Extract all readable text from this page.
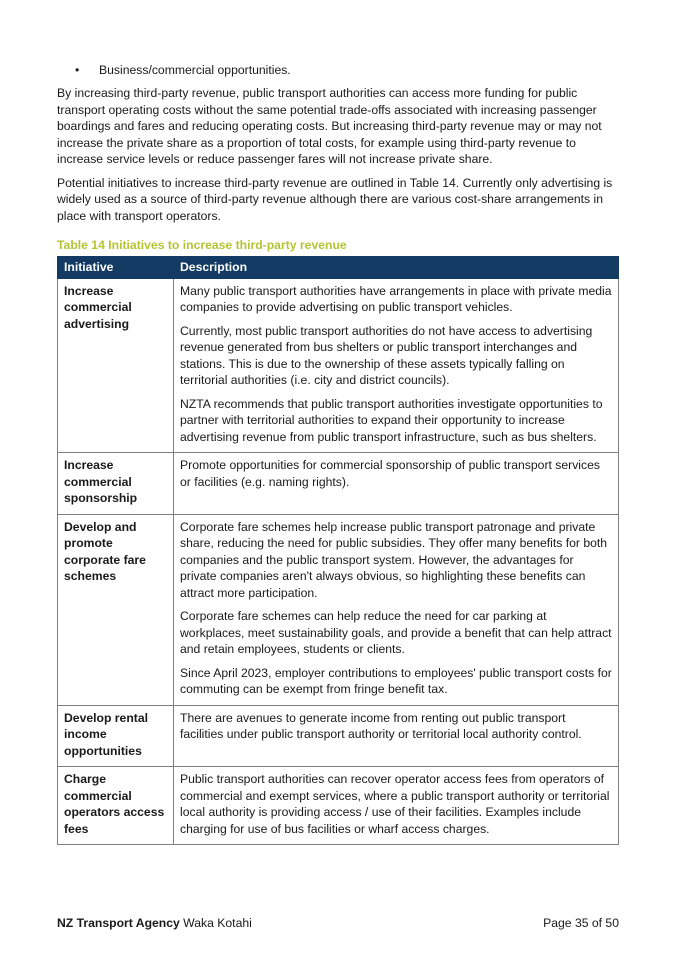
• Business/commercial opportunities.

By increasing third-party revenue, public transport authorities can access more funding for public transport operating costs without the same potential trade-offs associated with increasing passenger boardings and fares and reducing operating costs. But increasing third-party revenue may or may not increase the private share as a proportion of total costs, for example using third-party revenue to increase service levels or reduce passenger fares will not increase private share.

Potential initiatives to increase third-party revenue are outlined in Table 14. Currently only advertising is widely used as a source of third-party revenue although there are various cost-share arrangements in place with transport operators.

Table 14 Initiatives to increase third-party revenue
Initiative	Description
Increase commercial advertising	Many public transport authorities have arrangements in place with private media companies to provide advertising on public transport vehicles.

Currently, most public transport authorities do not have access to advertising revenue generated from bus shelters or public transport interchanges and stations. This is due to the ownership of these assets typically falling on territorial authorities (i.e. city and district councils).

NZTA recommends that public transport authorities investigate opportunities to partner with territorial authorities to expand their opportunity to increase advertising revenue from public transport infrastructure, such as bus shelters.

Increase commercial sponsorship	Promote opportunities for commercial sponsorship of public transport services or facilities (e.g. naming rights).

Develop and promote corporate fare schemes	Corporate fare schemes help increase public transport patronage and private share, reducing the need for public subsidies. They offer many benefits for both companies and the public transport system. However, the advantages for private companies aren't always obvious, so highlighting these benefits can attract more participation.

Corporate fare schemes can help reduce the need for car parking at workplaces, meet sustainability goals, and provide a benefit that can help attract and retain employees, students or clients.

Since April 2023, employer contributions to employees' public transport costs for commuting can be exempt from fringe benefit tax.

Develop rental income opportunities	There are avenues to generate income from renting out public transport facilities under public transport authority or territorial local authority control.

Charge commercial operators access fees	Public transport authorities can recover operator access fees from operators of commercial and exempt services, where a public transport authority or territorial local authority is providing access / use of their facilities. Examples include charging for use of bus facilities or wharf access charges.

NZ Transport Agency Waka Kotahi	Page 35 of 50
